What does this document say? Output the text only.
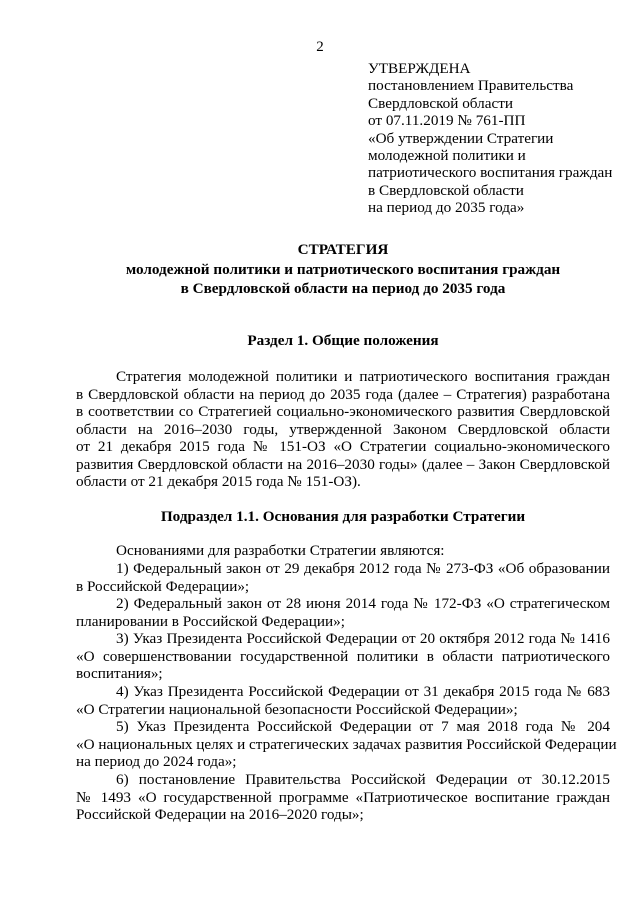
2
УТВЕРЖДЕНА
постановлением Правительства
Свердловской области
от 07.11.2019 № 761-ПП
«Об утверждении Стратегии
молодежной политики и
патриотического воспитания граждан
в Свердловской области
на период до 2035 года»
СТРАТЕГИЯ
молодежной политики и патриотического воспитания граждан
в Свердловской области на период до 2035 года
Раздел 1. Общие положения
Стратегия молодежной политики и патриотического воспитания граждан
в Свердловской области на период до 2035 года (далее – Стратегия) разработана
в соответствии со Стратегией социально-экономического развития Свердловской
области на 2016–2030 годы, утвержденной Законом Свердловской области
от 21 декабря 2015 года № 151-ОЗ «О Стратегии социально-экономического
развития Свердловской области на 2016–2030 годы» (далее – Закон Свердловской
области от 21 декабря 2015 года № 151-ОЗ).
Подраздел 1.1. Основания для разработки Стратегии
Основаниями для разработки Стратегии являются:
1) Федеральный закон от 29 декабря 2012 года № 273-ФЗ «Об образовании
в Российской Федерации»;
2) Федеральный закон от 28 июня 2014 года № 172-ФЗ «О стратегическом
планировании в Российской Федерации»;
3) Указ Президента Российской Федерации от 20 октября 2012 года № 1416
«О совершенствовании государственной политики в области патриотического
воспитания»;
4) Указ Президента Российской Федерации от 31 декабря 2015 года № 683
«О Стратегии национальной безопасности Российской Федерации»;
5) Указ Президента Российской Федерации от 7 мая 2018 года № 204
«О национальных целях и стратегических задачах развития Российской Федерации
на период до 2024 года»;
6) постановление Правительства Российской Федерации от 30.12.2015
№ 1493 «О государственной программе «Патриотическое воспитание граждан
Российской Федерации на 2016–2020 годы»;
